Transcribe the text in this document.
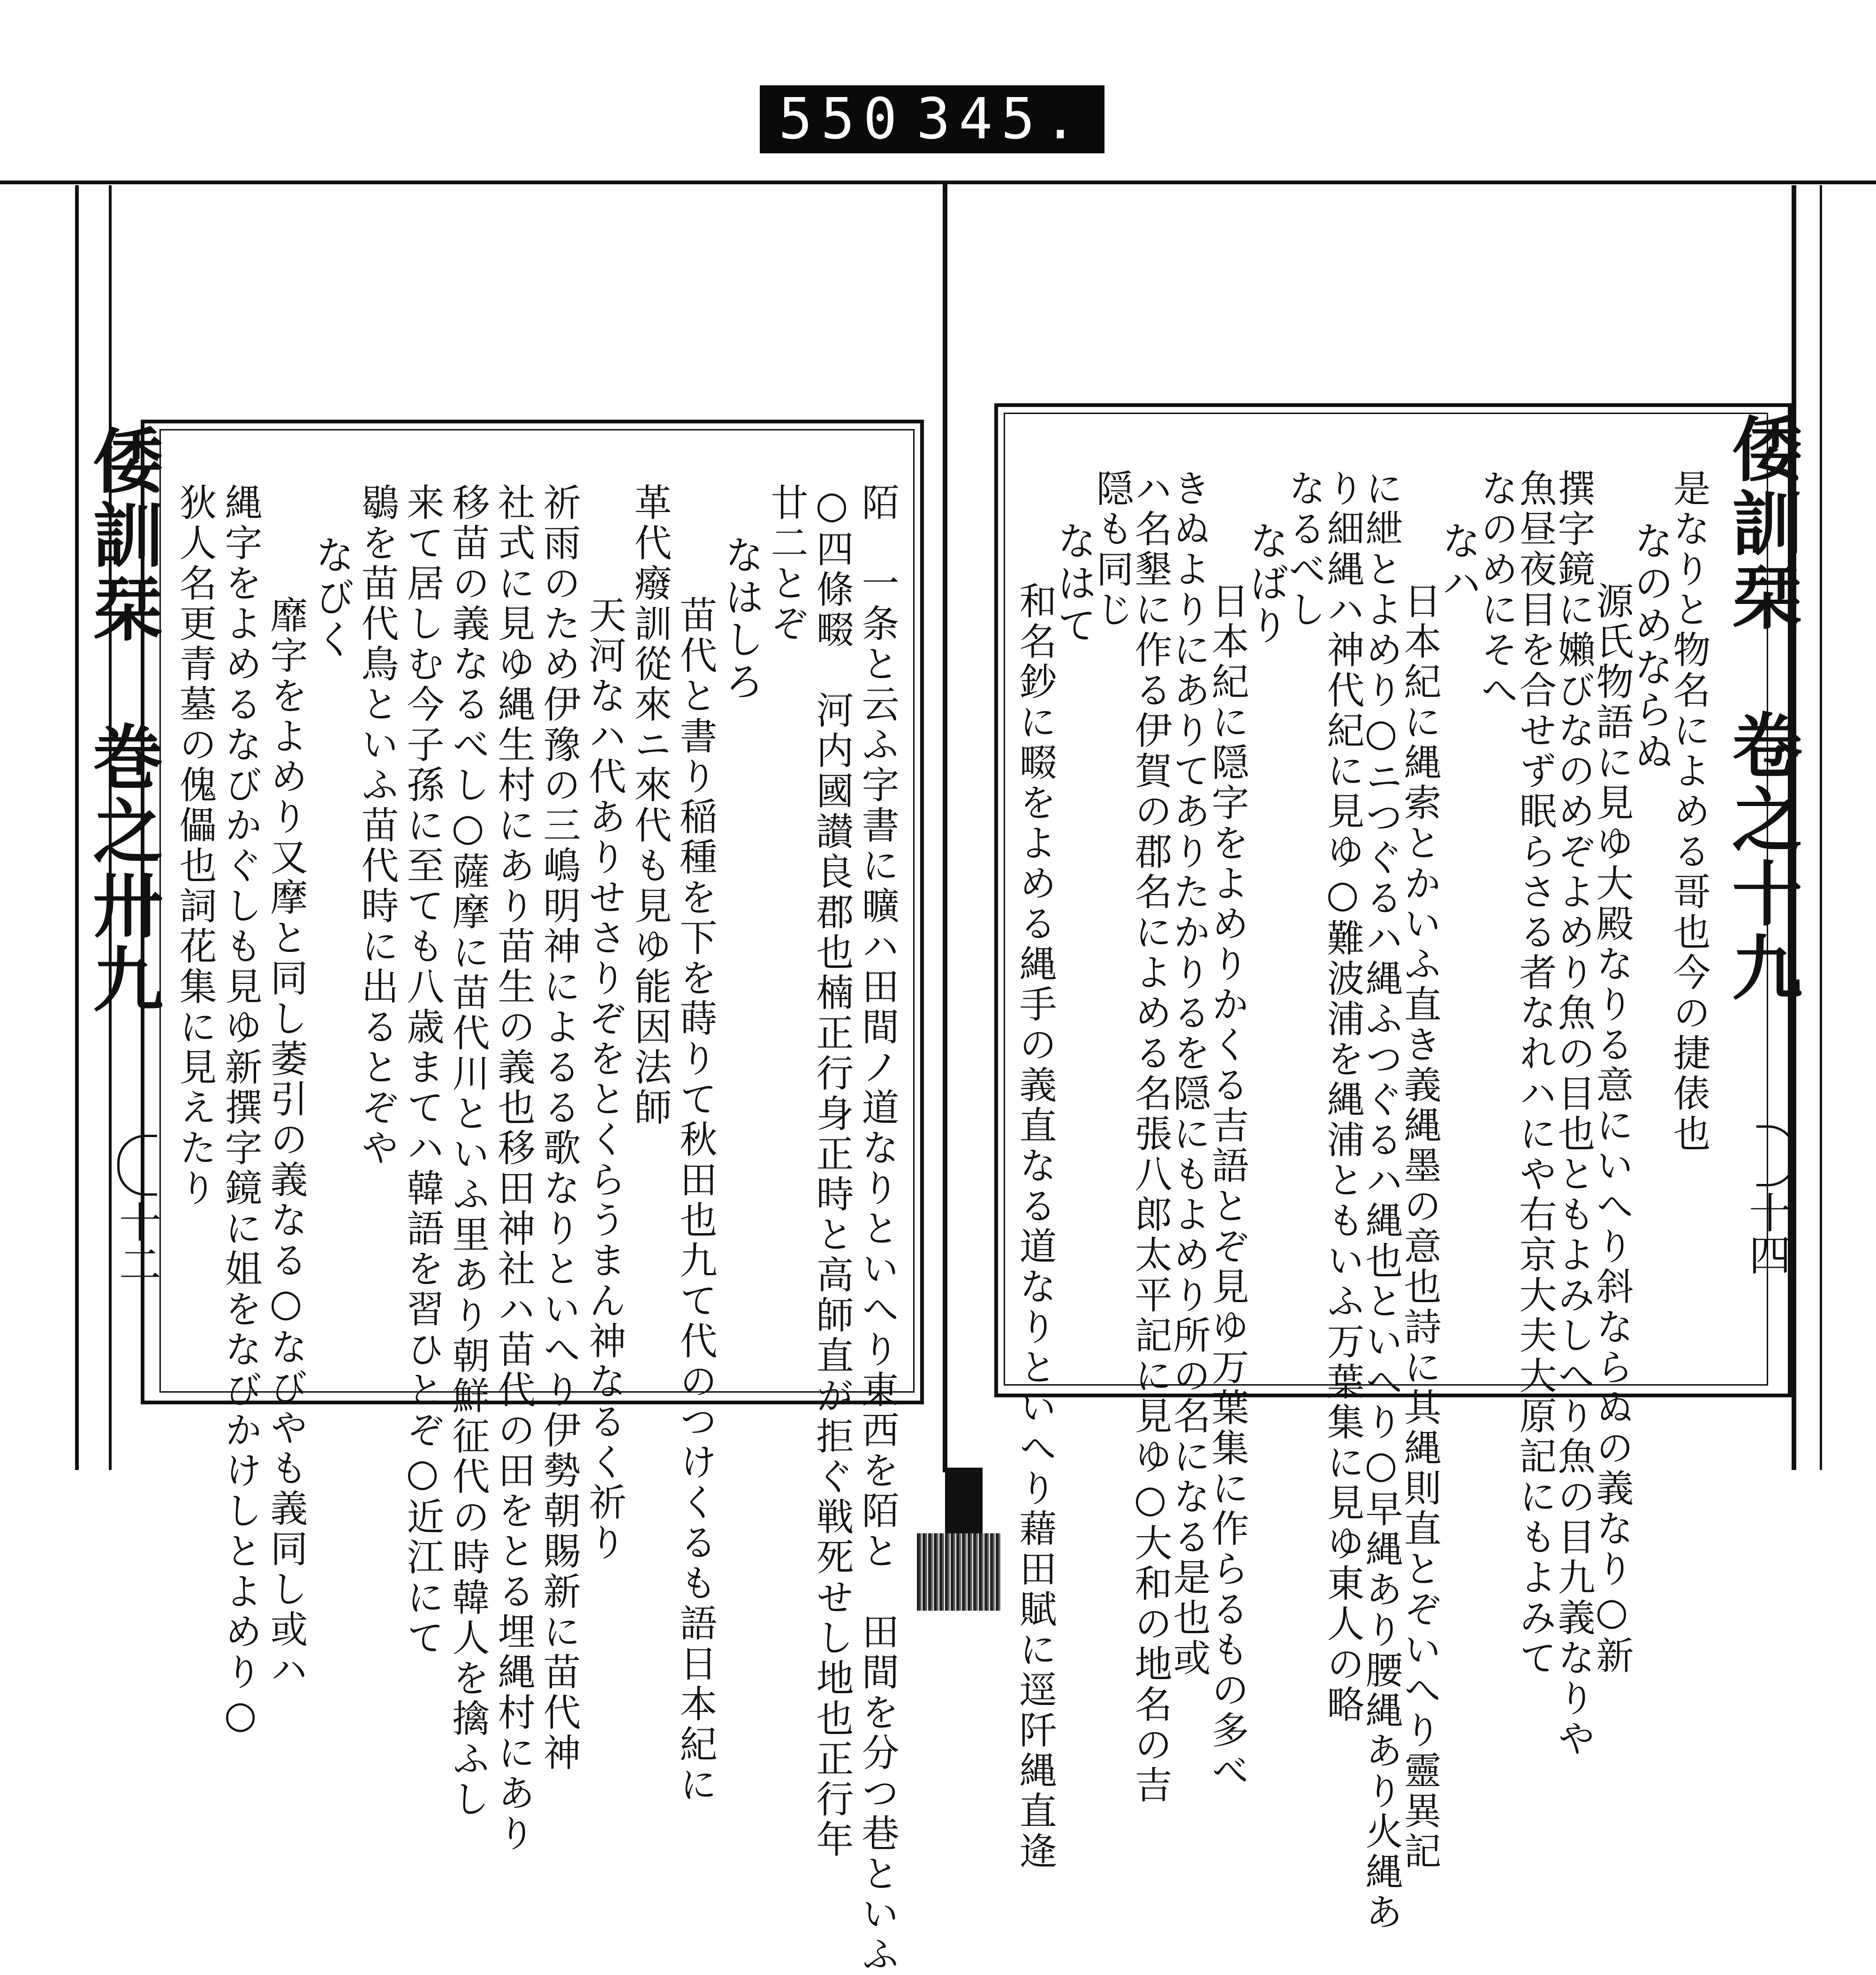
550 345.
倭訓栞　巻之卅九
十二
倭訓栞　卷之十九
十四
陌　一条と云ふ字書に曠ハ田間ノ道なりといへり東西を陌と　田間を分つ巷といふ
○四條畷　河内國讃良郡也楠正行身正時と高師直が拒ぐ戦死せし地也正行年
廿二とぞ
なはしろ
苗代と書り稲種を下を蒔りて秋田也九て代のつけくるも語日本紀に
革代癈訓從來ニ來代も見ゆ能因法師
天河なハ代ありせさりぞをとくらうまん神なるく祈り
祈雨のため伊豫の三嶋明神によるる歌なりといへり伊勢朝賜新に苗代神
社式に見ゆ縄生村にあり苗生の義也移田神社ハ苗代の田をとる埋縄村にあり
移苗の義なるべし○薩摩に苗代川といふ里あり朝鮮征代の時韓人を擒ふし
来て居しむ今子孫に至ても八歳まてハ韓語を習ひとぞ○近江にて
鶡を苗代鳥といふ苗代時に出るとぞや
なびく
靡字をよめり又摩と同し萎引の義なる○なびやも義同し或ハ
縄字をよめるなびかぐしも見ゆ新撰字鏡に姐をなびかけしとよめり○
狄人名更青墓の傀儡也詞花集に見えたり	是なりと物名によめる哥也今の捷俵也
なのめならぬ
源氏物語に見ゆ大殿なりる意にいへり斜ならぬの義なり○新
撰字鏡に嬾びなのめぞよめり魚の目也ともよみしへり魚の目九義なりや
魚昼夜目を合せず眠らさる者なれハにや右京大夫大原記にもよみて
なのめにそへ
なハ
日本紀に縄索とかいふ直き義縄墨の意也詩に其縄則直とぞいへり靈異記
に紲とよめり○ニつぐるハ縄ふつぐるハ縄也といへり○早縄あり腰縄あり火縄あ
り細縄ハ神代紀に見ゆ○難波浦を縄浦ともいふ万葉集に見ゆ東人の略
なるべし
なばり
日本紀に隠字をよめりかくる吉語とぞ見ゆ万葉集に作らるもの多べ
きぬよりにありてありたかりるを隠にもよめり所の名になる是也或
ハ名墾に作る伊賀の郡名によめる名張八郎太平記に見ゆ○大和の地名の吉
隠も同じ
なはて
和名鈔に畷をよめる縄手の義直なる道なりといへり藉田賦に逕阡縄直逄
